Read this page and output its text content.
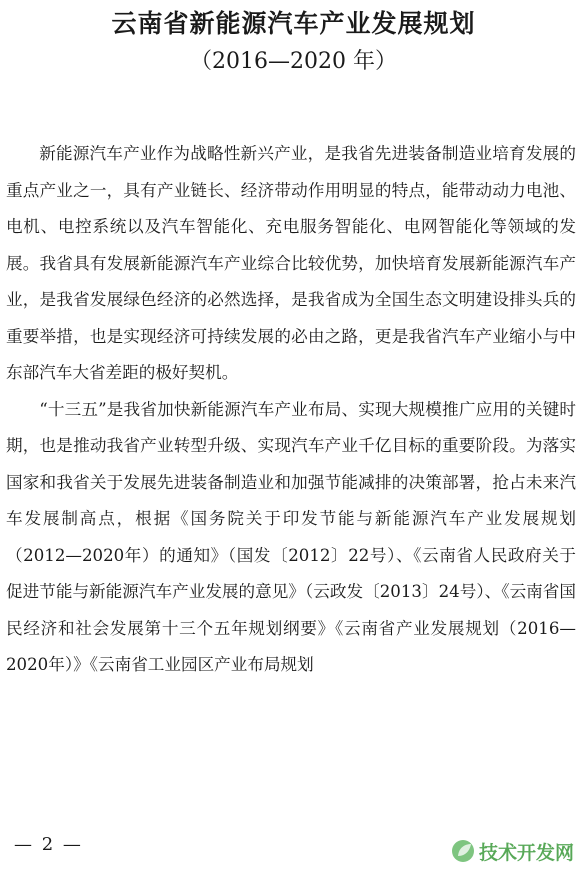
云南省新能源汽车产业发展规划
（2016—2020 年）

新能源汽车产业作为战略性新兴产业，是我省先进装备制造业培育发展的重点产业之一，具有产业链长、经济带动作用明显的特点，能带动动力电池、电机、电控系统以及汽车智能化、充电服务智能化、电网智能化等领域的发展。我省具有发展新能源汽车产业综合比较优势，加快培育发展新能源汽车产业，是我省发展绿色经济的必然选择，是我省成为全国生态文明建设排头兵的重要举措，也是实现经济可持续发展的必由之路，更是我省汽车产业缩小与中东部汽车大省差距的极好契机。

“十三五”是我省加快新能源汽车产业布局、实现大规模推广应用的关键时期，也是推动我省产业转型升级、实现汽车产业千亿目标的重要阶段。为落实国家和我省关于发展先进装备制造业和加强节能减排的决策部署，抢占未来汽车发展制高点，根据《国务院关于印发节能与新能源汽车产业发展规划（2012—2020年）的通知》（国发〔2012〕22号）、《云南省人民政府关于促进节能与新能源汽车产业发展的意见》（云政发〔2013〕24号）、《云南省国民经济和社会发展第十三个五年规划纲要》《云南省产业发展规划（2016—2020年）》《云南省工业园区产业布局规划

— 2 —	技术开发网
